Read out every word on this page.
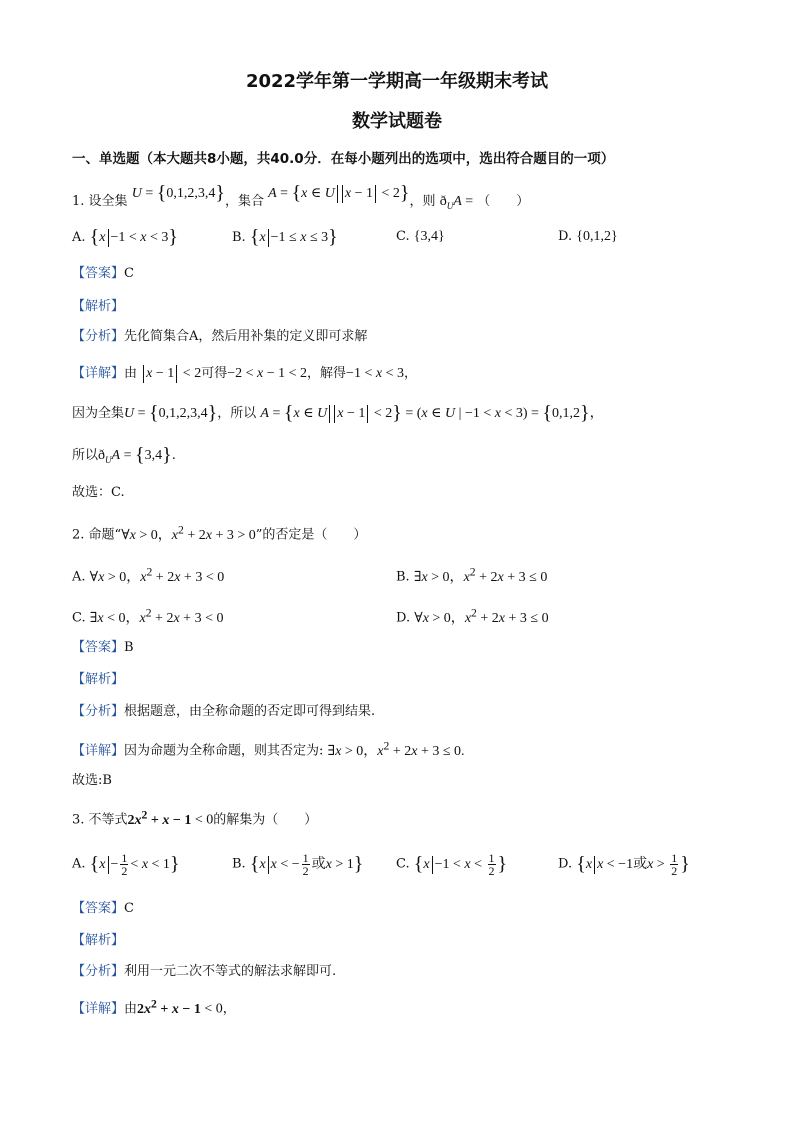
2022学年第一学期高一年级期末考试
数学试题卷
一、单选题（本大题共8小题，共40.0分．在每小题列出的选项中，选出符合题目的一项）
1. 设全集 U = {0,1,2,3,4}，集合 A = {x ∈ U x − 1 < 2}，则 $ð_UA$ = （　　）
A. {x −1 < x < 3}	B. {x −1 ≤ x ≤ 3}	C. {3,4}	D. {0,1,2}
【答案】C
【解析】
【分析】先化简集合A，然后用补集的定义即可求解
【详解】由 x − 1 < 2可得−2 < x − 1 < 2，解得−1 < x < 3，
因为全集U = {0,1,2,3,4}，所以 A = {x ∈ U x − 1 < 2} = (x ∈ U | −1 < x < 3) = {0,1,2}，
所以$ð_UA = \{3,4\}$.
故选：C.
2. 命题“∀x > 0，$x^2 + 2x + 3 > 0$”的否定是（　　）
A. ∀x > 0，$x^2 + 2x + 3 < 0$	B. ∃x > 0，$x^2 + 2x + 3 \le 0$
C. ∃x < 0，$x^2 + 2x + 3 < 0$	D. ∀x > 0，$x^2 + 2x + 3 \le 0$
【答案】B
【解析】
【分析】根据题意，由全称命题的否定即可得到结果.
【详解】因为命题为全称命题，则其否定为: ∃x > 0，$x^2 + 2x + 3 \le 0$.
故选:B
3. 不等式$2x^2 + x - 1 < 0$的解集为（　　）
A. $\{x - \frac{1}{2} < x < 1\}$	B. {x x < − $\frac{1}{2}$ 或x > 1}	C. {$x -1 < x < \frac{1}{2}$ }	D. {x x < −1或$x > \frac{1}{2}$ }
【答案】C
【解析】
【分析】利用一元二次不等式的解法求解即可.
【详解】由$2x^2 + x - 1 < 0$，
